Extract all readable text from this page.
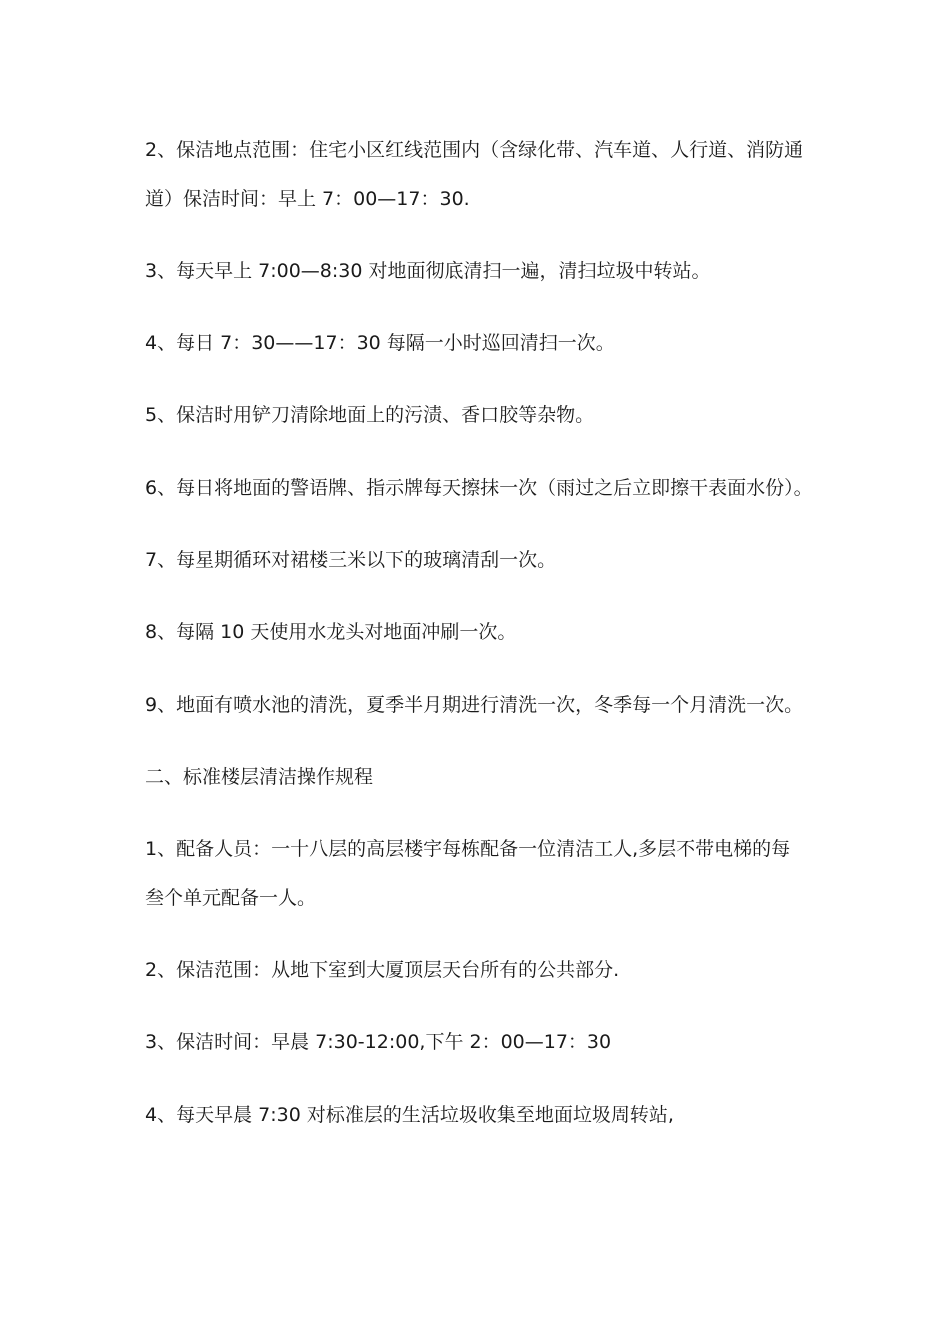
2、保洁地点范围：住宅小区红线范围内（含绿化带、汽车道、人行道、消防通
道）保洁时间：早上 7：00—17：30.
3、每天早上 7:00—8:30 对地面彻底清扫一遍，清扫垃圾中转站。
4、每日 7：30——17：30 每隔一小时巡回清扫一次。
5、保洁时用铲刀清除地面上的污渍、香口胶等杂物。
6、每日将地面的警语牌、指示牌每天擦抹一次（雨过之后立即擦干表面水份）。
7、每星期循环对裙楼三米以下的玻璃清刮一次。
8、每隔 10 天使用水龙头对地面冲刷一次。
9、地面有喷水池的清洗，夏季半月期进行清洗一次，冬季每一个月清洗一次。
二、标准楼层清洁操作规程
1、配备人员：一十八层的高层楼宇每栋配备一位清洁工人,多层不带电梯的每
叁个单元配备一人。
2、保洁范围：从地下室到大厦顶层天台所有的公共部分.
3、保洁时间：早晨 7:30-12:00,下午 2：00—17：30
4、每天早晨 7:30 对标准层的生活垃圾收集至地面垃圾周转站,
